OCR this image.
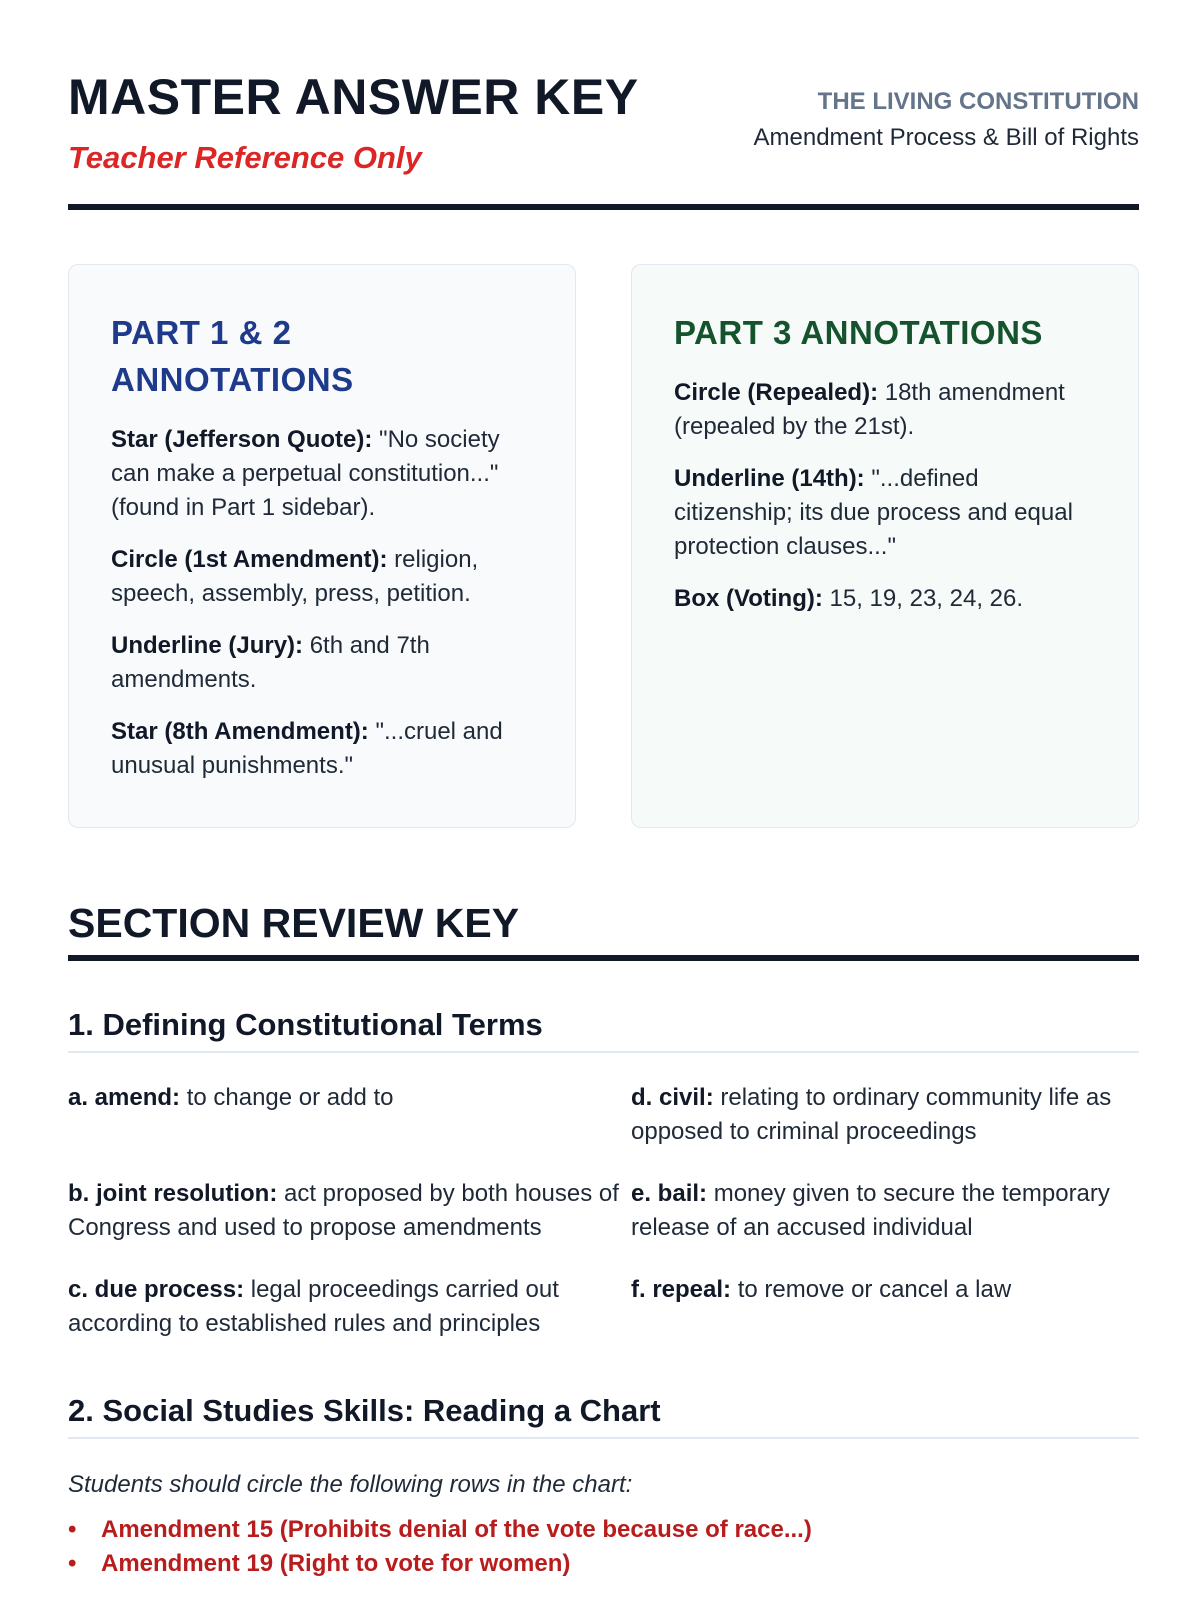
MASTER ANSWER KEY
Teacher Reference Only
THE LIVING CONSTITUTION
Amendment Process & Bill of Rights
PART 1 & 2 ANNOTATIONS

Star (Jefferson Quote): "No society can make a perpetual constitution..." (found in Part 1 sidebar).

Circle (1st Amendment): religion, speech, assembly, press, petition.

Underline (Jury): 6th and 7th amendments.

Star (8th Amendment): "...cruel and unusual punishments."

PART 3 ANNOTATIONS

Circle (Repealed): 18th amendment (repealed by the 21st).

Underline (14th): "...defined citizenship; its due process and equal protection clauses..."

Box (Voting): 15, 19, 23, 24, 26.

SECTION REVIEW KEY
1. Defining Constitutional Terms
a. amend: to change or add to	d. civil: relating to ordinary community life as opposed to criminal proceedings
b. joint resolution: act proposed by both houses of Congress and used to propose amendments
e. bail: money given to secure the temporary release of an accused individual
c. due process: legal proceedings carried out according to established rules and principles
f. repeal: to remove or cancel a law
2. Social Studies Skills: Reading a Chart
Students should circle the following rows in the chart:
• Amendment 15 (Prohibits denial of the vote because of race...)
• Amendment 19 (Right to vote for women)
